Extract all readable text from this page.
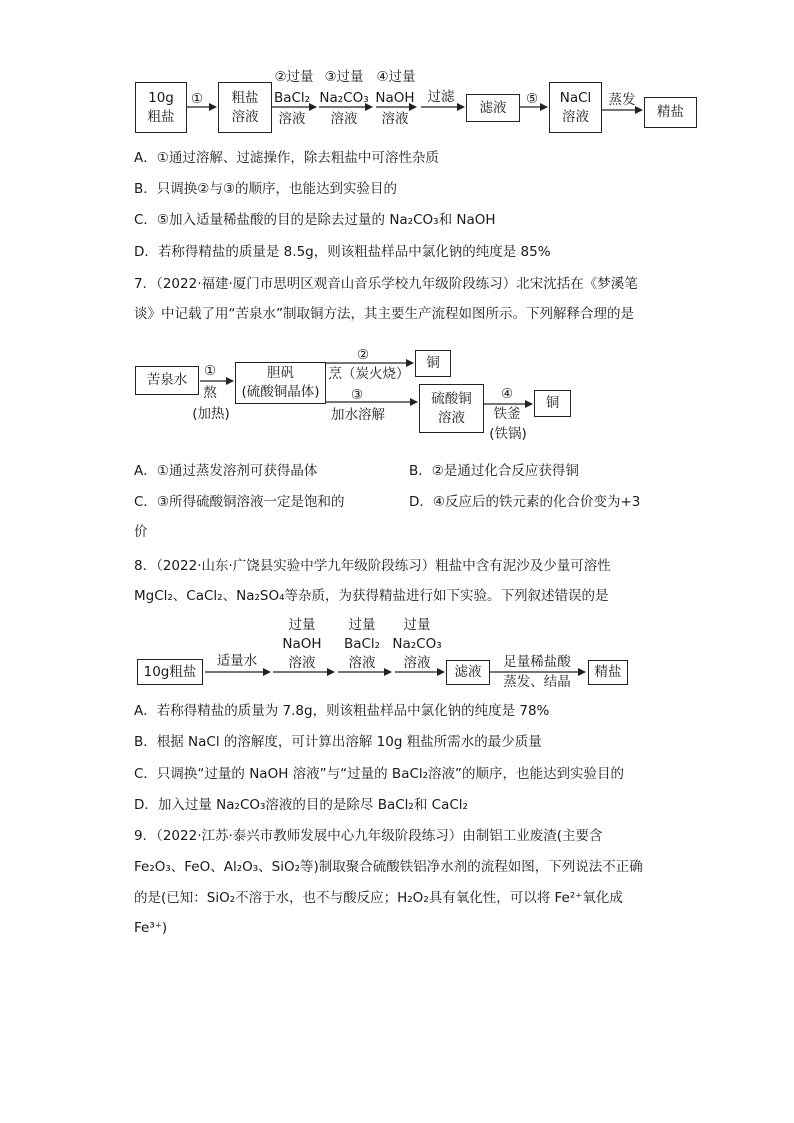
10g
粗盐
①	粗盐
溶液
②过量
BaCl₂
溶液
③过量
Na₂CO₃
溶液
④过量
NaOH
溶液
过滤
滤液
⑤	NaCl
溶液
蒸发
精盐
A．①通过溶解、过滤操作，除去粗盐中可溶性杂质
B．只调换②与③的顺序，也能达到实验目的
C．⑤加入适量稀盐酸的目的是除去过量的 Na₂CO₃和 NaOH
D．若称得精盐的质量是 8.5g，则该粗盐样品中氯化钠的纯度是 85%
7．（2022·福建·厦门市思明区观音山音乐学校九年级阶段练习）北宋沈括在《梦溪笔
谈》中记载了用“苦泉水”制取铜方法，其主要生产流程如图所示。下列解释合理的是
苦泉水
①
熬
(加热)
胆矾
(硫酸铜晶体)
②
烹（炭火烧）
铜
③
加水溶解
硫酸铜
溶液
④
铁釜
(铁锅)
铜
A．①通过蒸发溶剂可获得晶体	B．②是通过化合反应获得铜
C．③所得硫酸铜溶液一定是饱和的	D．④反应后的铁元素的化合价变为+3
价
8．（2022·山东·广饶县实验中学九年级阶段练习）粗盐中含有泥沙及少量可溶性
MgCl₂、CaCl₂、Na₂SO₄等杂质，为获得精盐进行如下实验。下列叙述错误的是
10g粗盐
适量水
过量
NaOH
溶液
过量
BaCl₂
溶液
过量
Na₂CO₃
溶液
滤液
足量稀盐酸
蒸发、结晶
精盐
A．若称得精盐的质量为 7.8g，则该粗盐样品中氯化钠的纯度是 78%
B．根据 NaCl 的溶解度，可计算出溶解 10g 粗盐所需水的最少质量
C．只调换“过量的 NaOH 溶液”与“过量的 BaCl₂溶液”的顺序，也能达到实验目的
D．加入过量 Na₂CO₃溶液的目的是除尽 BaCl₂和 CaCl₂
9．（2022·江苏·泰兴市教师发展中心九年级阶段练习）由制铝工业废渣(主要含
Fe₂O₃、FeO、Al₂O₃、SiO₂等)制取聚合硫酸铁铝净水剂的流程如图，下列说法不正确
的是(已知：SiO₂不溶于水，也不与酸反应；H₂O₂具有氧化性，可以将 Fe²⁺氧化成
Fe³⁺)
